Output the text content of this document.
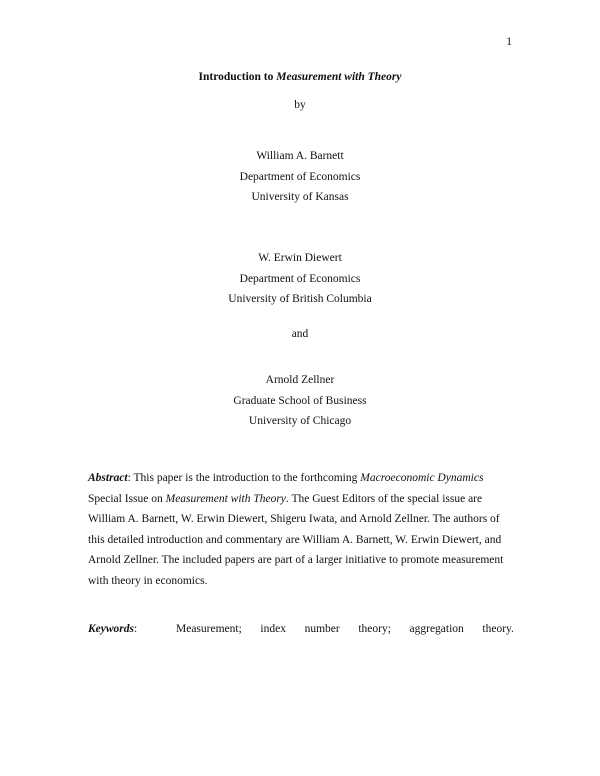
1
Introduction to Measurement with Theory
by
William A. Barnett
Department of Economics
University of Kansas
W. Erwin Diewert
Department of Economics
University of British Columbia
and
Arnold Zellner
Graduate School of Business
University of Chicago
Abstract: This paper is the introduction to the forthcoming Macroeconomic Dynamics Special Issue on Measurement with Theory. The Guest Editors of the special issue are William A. Barnett, W. Erwin Diewert, Shigeru Iwata, and Arnold Zellner. The authors of this detailed introduction and commentary are William A. Barnett, W. Erwin Diewert, and Arnold Zellner. The included papers are part of a larger initiative to promote measurement with theory in economics.
Keywords:	Measurement; index number theory; aggregation theory.
